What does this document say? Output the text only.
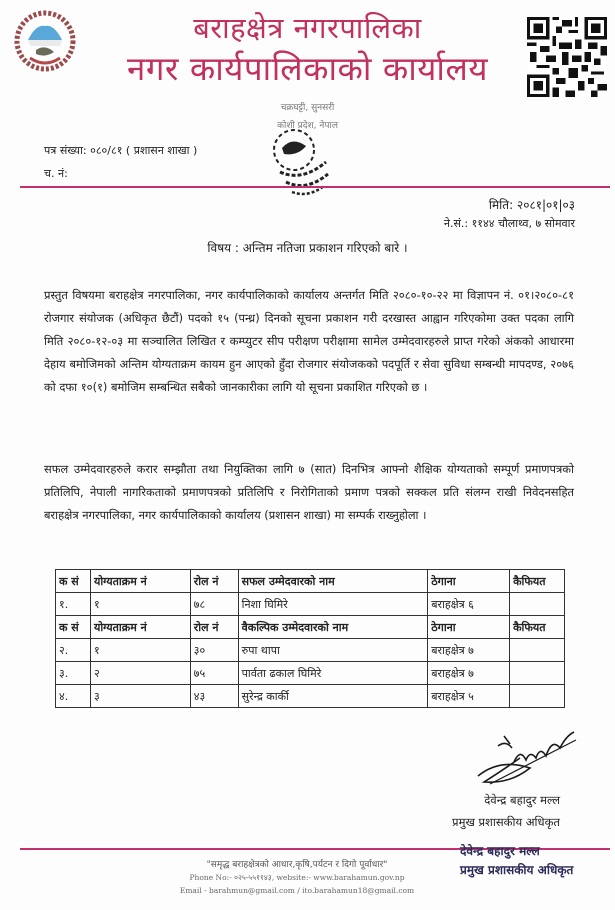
बराहक्षेत्र नगरपालिका
नगर कार्यपालिकाको कार्यालय
चक्रघट्टी, सुनसरी
कोशी प्रदेश, नेपाल
पत्र संख्या: ०८०/८१ ( प्रशासन शाखा )
च. नं:
मिति: २०८१|०१|०३
ने.सं.: ११४४ चौलाथ्व, ७ सोमवार
विषय : अन्तिम नतिजा प्रकाशन गरिएको बारे ।
प्रस्तुत विषयमा बराहक्षेत्र नगरपालिका, नगर कार्यपालिकाको कार्यालय अन्तर्गत मिति २०८०-१०-२२ मा विज्ञापन नं. ०१।२०८०-८१ रोजगार संयोजक (अधिकृत छैटौं) पदको १५ (पन्ध्र) दिनको सूचना प्रकाशन गरी दरखास्त आह्वान गरिएकोमा उक्त पदका लागि मिति २०८०-१२-०३ मा सञ्चालित लिखित र कम्प्युटर सीप परीक्षण परीक्षामा सामेल उम्मेदवारहरुले प्राप्त गरेको अंकको आधारमा देहाय बमोजिमको अन्तिम योग्यताक्रम कायम हुन आएको हुँदा रोजगार संयोजकको पदपूर्ति र सेवा सुविधा सम्बन्धी मापदण्ड, २०७६ को दफा १०(१) बमोजिम सम्बन्धित सबैको जानकारीका लागि यो सूचना प्रकाशित गरिएको छ ।
सफल उम्मेदवारहरुले करार सम्झौता तथा नियुक्तिका लागि ७ (सात) दिनभित्र आफ्नो शैक्षिक योग्यताको सम्पूर्ण प्रमाणपत्रको प्रतिलिपि, नेपाली नागरिकताको प्रमाणपत्रको प्रतिलिपि र निरोगिताको प्रमाण पत्रको सक्कल प्रति संलग्न राखी निवेदनसहित बराहक्षेत्र नगरपालिका, नगर कार्यपालिकाको कार्यालय (प्रशासन शाखा) मा सम्पर्क राख्नुहोला ।
क सं	योग्यताक्रम नं	रोल नं	सफल उम्मेदवारको नाम	ठेगाना	कैफियत
१.	१	७८	निशा घिमिरे	बराहक्षेत्र ६	
क सं	योग्यताक्रम नं	रोल नं	वैकल्पिक उम्मेदवारको नाम	ठेगाना	कैफियत
२.	१	३०	रुपा थापा	बराहक्षेत्र ७	
३.	२	७५	पार्वता ढकाल घिमिरे	बराहक्षेत्र ७	
४.	३	४३	सुरेन्द्र कार्की	बराहक्षेत्र ५	
देवेन्द्र बहादुर मल्ल
प्रमुख प्रशासकीय अधिकृत
"समृद्ध बराहक्षेत्रको आधार,कृषि,पर्यटन र दिगो पूर्वाधार"
Phone No:- ०२५-५५११४३, website:- www.barahamun.gov.np
Email - barahmun@gmail.com / ito.barahamun18@gmail.com
देवेन्द्र बहादुर मल्ल
प्रमुख प्रशासकीय अधिकृत
